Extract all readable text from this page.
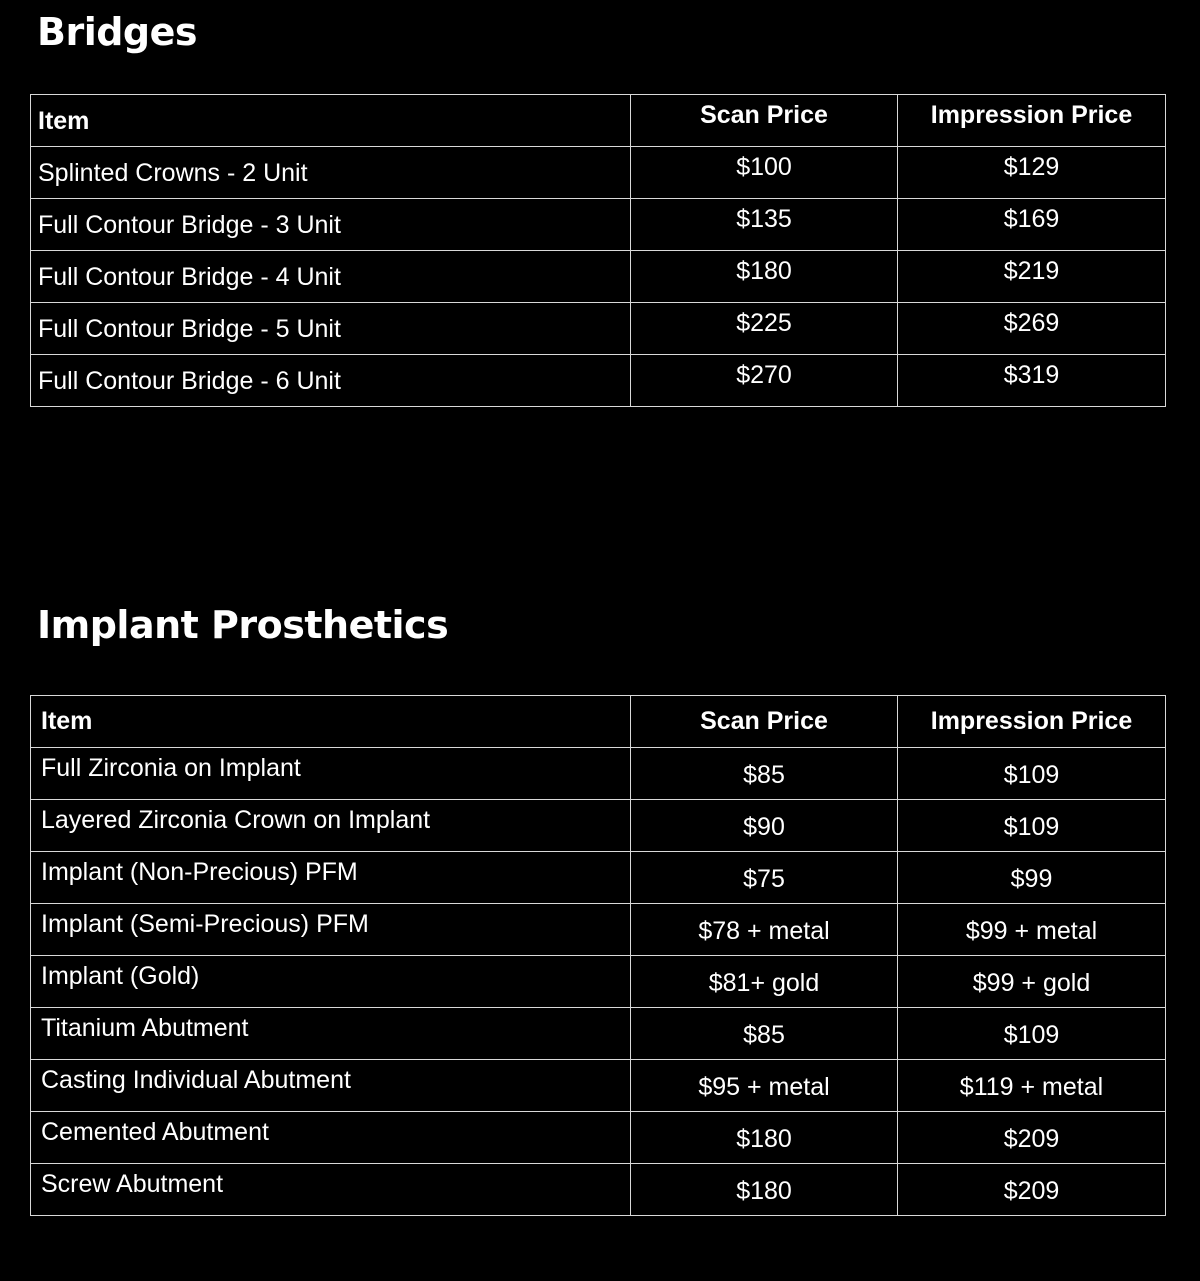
Bridges
Item	Scan Price	Impression Price
Splinted Crowns - 2 Unit	$100	$129
Full Contour Bridge - 3 Unit	$135	$169
Full Contour Bridge - 4 Unit	$180	$219
Full Contour Bridge - 5 Unit	$225	$269
Full Contour Bridge - 6 Unit	$270	$319
Implant Prosthetics
Item	Scan Price	Impression Price
Full Zirconia on Implant	$85	$109
Layered Zirconia Crown on Implant	$90	$109
Implant (Non-Precious) PFM	$75	$99
Implant (Semi-Precious) PFM	$78 + metal	$99 + metal
Implant (Gold)	$81+ gold	$99 + gold
Titanium Abutment	$85	$109
Casting Individual Abutment	$95 + metal	$119 + metal
Cemented Abutment	$180	$209
Screw Abutment	$180	$209
